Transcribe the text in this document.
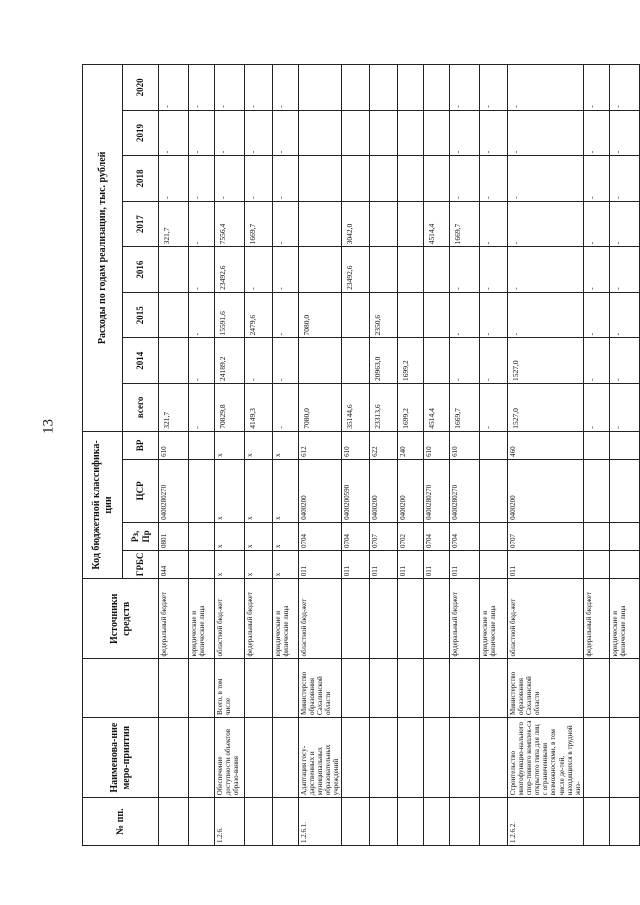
13
№ пп.	Наименова-ние меро-приятия		Источники средств	Код бюджетной классифика-ции				Расходы по годам реализации, тыс. рублей							
				ГРБС	Рз, Пр	ЦСР	ВР	всего	2014	2015	2016	2017	2018	2019	2020
			федеральный бюджет	044	0801	0400280270	610	321,7				321,7	-	-	-
			юридические и физические лица					-	-	-	-	-	-	-	-
1.2.6.	Обеспечение доступности объектов образо-вания	Всего, в том числе	областной бюд-жет	x	x	x	x	70829,8	24189,2	15591,6	23492,6	7556,4	-	-	-
			федеральный бюджет	x	x	x	x	4149,3	-	2479,6	-	1669,7	-	-	-
			юридические и физические лица	x	x	x	x	-	-	-	-	-	-	-	-
1.2.6.1.	Адаптация госу-дарственных и муниципальных образовательных учреждений	Министерство образования Сахалинской области	областной бюд-жет	011	0704	0400200	612	7080,0		7080,0					
				011	0704	0400200590	610	35144,6			23492,6	3042,0			
				011	0707	0400200	622	23313,6	20963,0	2350,6					
				011	0702	0400200	240	1699,2	1699,2						
				011	0704	0400280270	610	4514,4				4514,4			
			федеральный бюджет	011	0704	0400280270	610	1669,7	-	-	-	1669,7	-	-	-
			юридические и физические лица					-	-	-	-	-	-	-	-
1.2.6.2.	Строительство многофункцио-нального спор-тивного комплек-са открытого типа для лиц с ограниченными возможностями, в том числе де-тей, находящихся в трудной жиз-	Министерство образования Сахалинской области	областной бюд-жет	011	0707	0400200	460	1527,0	1527,0	-	-	-	-	-	-
			федеральный бюджет					-	-	-	-	-	-	-	-
			юридические и физические лица					-	-	-	-	-	-	-	-
